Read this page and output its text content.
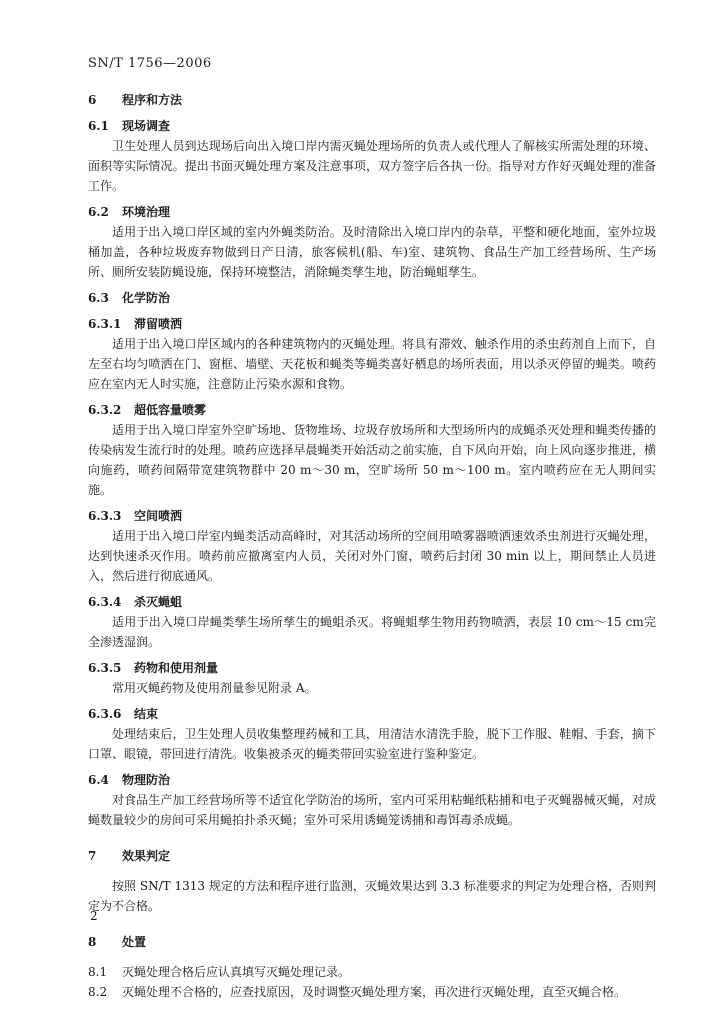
SN/T 1756—2006
6 程序和方法
6.1 现场调查

卫生处理人员到达现场后向出入境口岸内需灭蝇处理场所的负责人或代理人了解核实所需处理的环境、面积等实际情况。提出书面灭蝇处理方案及注意事项，双方签字后各执一份。指导对方作好灭蝇处理的准备工作。

6.2 环境治理

适用于出入境口岸区域的室内外蝇类防治。及时清除出入境口岸内的杂草，平整和硬化地面，室外垃圾桶加盖，各种垃圾废弃物做到日产日清，旅客候机(船、车)室、建筑物、食品生产加工经营场所、生产场所、厕所安装防蝇设施，保持环境整洁，消除蝇类孳生地，防治蝇蛆孳生。

6.3 化学防治
6.3.1 滞留喷洒

适用于出入境口岸区域内的各种建筑物内的灭蝇处理。将具有滞效、触杀作用的杀虫药剂自上而下，自左至右均匀喷洒在门、窗框、墙壁、天花板和蝇类等蝇类喜好栖息的场所表面，用以杀灭停留的蝇类。喷药应在室内无人时实施，注意防止污染水源和食物。

6.3.2 超低容量喷雾

适用于出入境口岸室外空旷场地、货物堆场、垃圾存放场所和大型场所内的成蝇杀灭处理和蝇类传播的传染病发生流行时的处理。喷药应选择早晨蝇类开始活动之前实施，自下风向开始，向上风向逐步推进，横向施药，喷药间隔带宽建筑物群中 20 m～30 m，空旷场所 50 m～100 m。室内喷药应在无人期间实施。

6.3.3 空间喷洒

适用于出入境口岸室内蝇类活动高峰时，对其活动场所的空间用喷雾器喷洒速效杀虫剂进行灭蝇处理，达到快速杀灭作用。喷药前应撤离室内人员，关闭对外门窗，喷药后封闭 30 min 以上，期间禁止人员进入，然后进行彻底通风。

6.3.4 杀灭蝇蛆

适用于出入境口岸蝇类孳生场所孳生的蝇蛆杀灭。将蝇蛆孳生物用药物喷洒，表层 10 cm～15 cm完全渗透湿润。

6.3.5 药物和使用剂量

常用灭蝇药物及使用剂量参见附录 A。

6.3.6 结束

处理结束后，卫生处理人员收集整理药械和工具，用清洁水清洗手脸，脱下工作服、鞋帽、手套，摘下口罩、眼镜，带回进行清洗。收集被杀灭的蝇类带回实验室进行鉴种鉴定。

6.4 物理防治

对食品生产加工经营场所等不适宜化学防治的场所，室内可采用粘蝇纸粘捕和电子灭蝇器械灭蝇，对成蝇数量较少的房间可采用蝇拍扑杀灭蝇；室外可采用诱蝇笼诱捕和毒饵毒杀成蝇。

7 效果判定

按照 SN/T 1313 规定的方法和程序进行监测，灭蝇效果达到 3.3 标准要求的判定为处理合格，否则判定为不合格。

8 处置
8.1 灭蝇处理合格后应认真填写灭蝇处理记录。
8.2 灭蝇处理不合格的，应查找原因，及时调整灭蝇处理方案，再次进行灭蝇处理，直至灭蝇合格。
2
